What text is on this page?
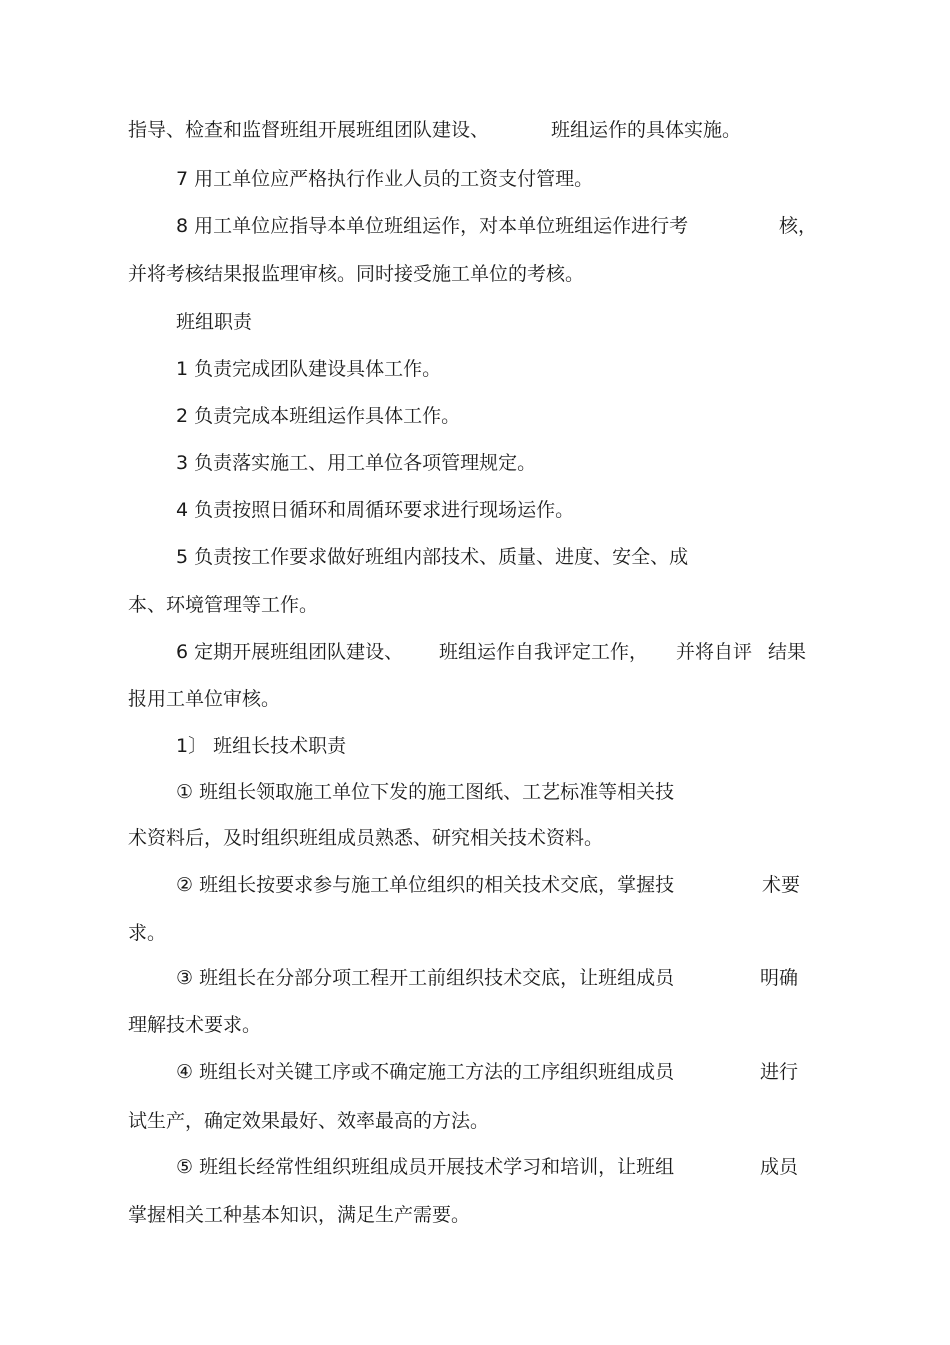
指导、检查和监督班组开展班组团队建设、	班组运作的具体实施。
7 用工单位应严格执行作业人员的工资支付管理。
8 用工单位应指导本单位班组运作，对本单位班组运作进行考	核，
并将考核结果报监理审核。同时接受施工单位的考核。
班组职责
1 负责完成团队建设具体工作。
2 负责完成本班组运作具体工作。
3 负责落实施工、用工单位各项管理规定。
4 负责按照日循环和周循环要求进行现场运作。
5 负责按工作要求做好班组内部技术、质量、进度、安全、成
本、环境管理等工作。
6 定期开展班组团队建设、 班组运作自我评定工作， 并将自评 结果
报用工单位审核。
1〕 班组长技术职责
① 班组长领取施工单位下发的施工图纸、工艺标准等相关技
术资料后，及时组织班组成员熟悉、研究相关技术资料。
② 班组长按要求参与施工单位组织的相关技术交底，掌握技	术要
求。
③ 班组长在分部分项工程开工前组织技术交底，让班组成员	明确
理解技术要求。
④ 班组长对关键工序或不确定施工方法的工序组织班组成员	进行
试生产，确定效果最好、效率最高的方法。
⑤ 班组长经常性组织班组成员开展技术学习和培训，让班组	成员
掌握相关工种基本知识，满足生产需要。
